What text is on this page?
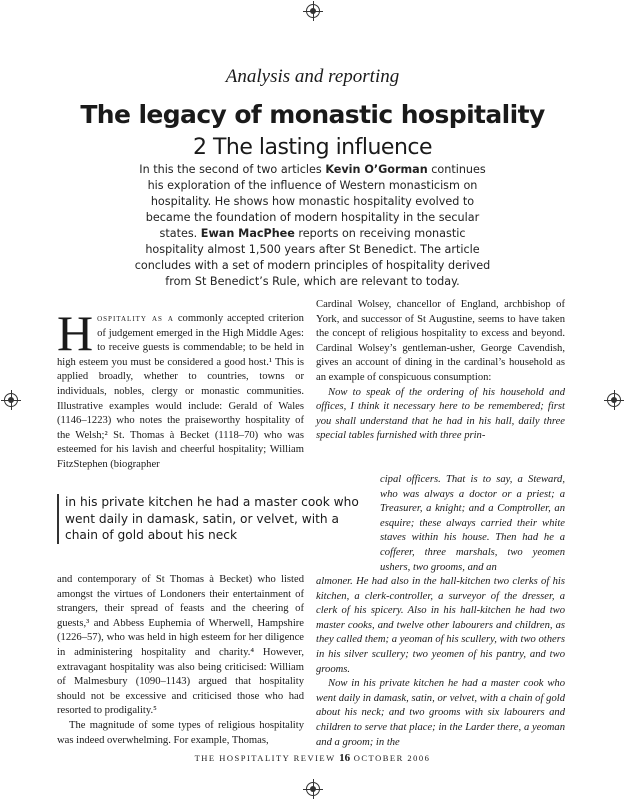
Analysis and reporting
The legacy of monastic hospitality
2 The lasting influence
In this the second of two articles Kevin O’Gorman continues his exploration of the influence of Western monasticism on hospitality. He shows how monastic hospitality evolved to became the foundation of modern hospitality in the secular states. Ewan MacPhee reports on receiving monastic hospitality almost 1,500 years after St Benedict. The article concludes with a set of modern principles of hospitality derived from St Benedict’s Rule, which are relevant to today.

Hospitality as a commonly accepted criterion of judgement emerged in the High Middle Ages: to receive guests is commendable; to be held in high esteem you must be considered a good host.¹ This is applied broadly, whether to countries, towns or individuals, nobles, clergy or monastic communities. Illustrative examples would include: Gerald of Wales (1146–1223) who notes the praiseworthy hospitality of the Welsh;² St. Thomas à Becket (1118–70) who was esteemed for his lavish and cheerful hospitality; William FitzStephen (biographer

in his private kitchen he had a master cook who went daily in damask, satin, or velvet, with a chain of gold about his neck

and contemporary of St Thomas à Becket) who listed amongst the virtues of Londoners their entertainment of strangers, their spread of feasts and the cheering of guests,³ and Abbess Euphemia of Wherwell, Hampshire (1226–57), who was held in high esteem for her diligence in administering hospitality and charity.⁴ However, extravagant hospitality was also being criticised: William of Malmesbury (1090–1143) argued that hospitality should not be excessive and criticised those who had resorted to prodigality.⁵

The magnitude of some types of religious hospitality was indeed overwhelming. For example, Thomas,

Cardinal Wolsey, chancellor of England, archbishop of York, and successor of St Augustine, seems to have taken the concept of religious hospitality to excess and beyond. Cardinal Wolsey’s gentleman-usher, George Cavendish, gives an account of dining in the cardinal’s household as an example of conspicuous consumption:

Now to speak of the ordering of his household and offices, I think it necessary here to be remembered; first you shall understand that he had in his hall, daily three special tables furnished with three prin-

cipal officers. That is to say, a Steward, who was always a doctor or a priest; a Treasurer, a knight; and a Comptroller, an esquire; these always carried their white staves within his house. Then had he a cofferer, three marshals, two yeomen ushers, two grooms, and an

almoner. He had also in the hall-kitchen two clerks of his kitchen, a clerk-controller, a surveyor of the dresser, a clerk of his spicery. Also in his hall-kitchen he had two master cooks, and twelve other labourers and children, as they called them; a yeoman of his scullery, with two others in his silver scullery; two yeomen of his pantry, and two grooms.

Now in his private kitchen he had a master cook who went daily in damask, satin, or velvet, with a chain of gold about his neck; and two grooms with six labourers and children to serve that place; in the Larder there, a yeoman and a groom; in the

THE HOSPITALITY REVIEW 16 OCTOBER 2006
